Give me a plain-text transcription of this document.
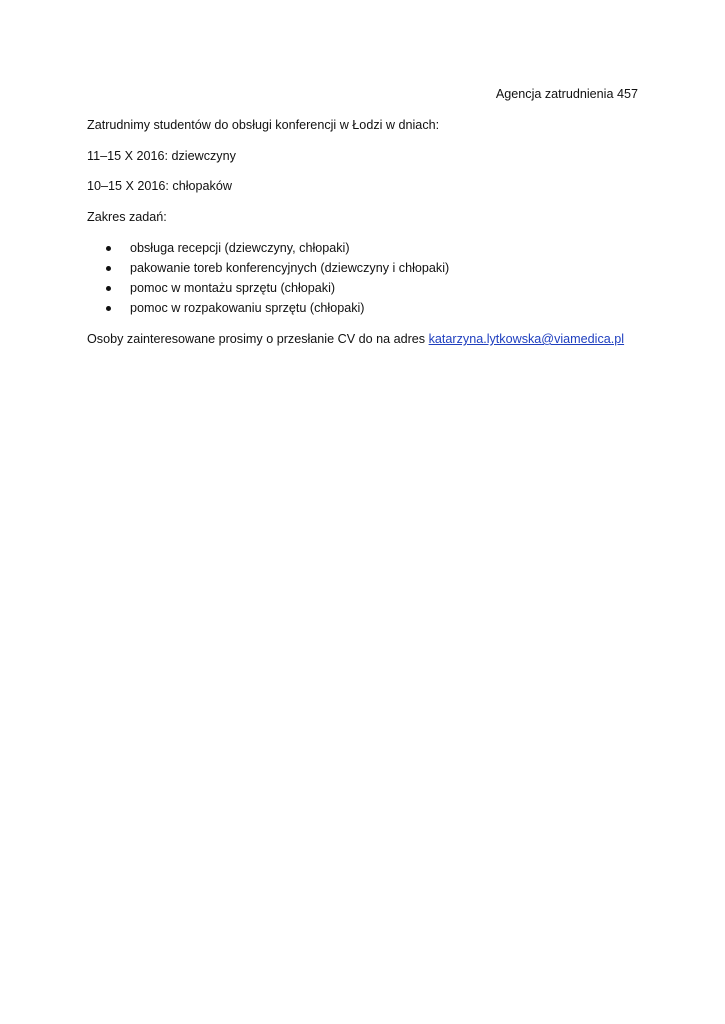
Agencja zatrudnienia 457
Zatrudnimy studentów do obsługi konferencji w Łodzi w dniach:
11–15 X 2016: dziewczyny
10–15 X 2016: chłopaków
Zakres zadań:
obsługa recepcji (dziewczyny, chłopaki)
pakowanie toreb konferencyjnych (dziewczyny i chłopaki)
pomoc w montażu sprzętu (chłopaki)
pomoc w rozpakowaniu sprzętu (chłopaki)
Osoby zainteresowane prosimy o przesłanie CV do na adres katarzyna.lytkowska@viamedica.pl
